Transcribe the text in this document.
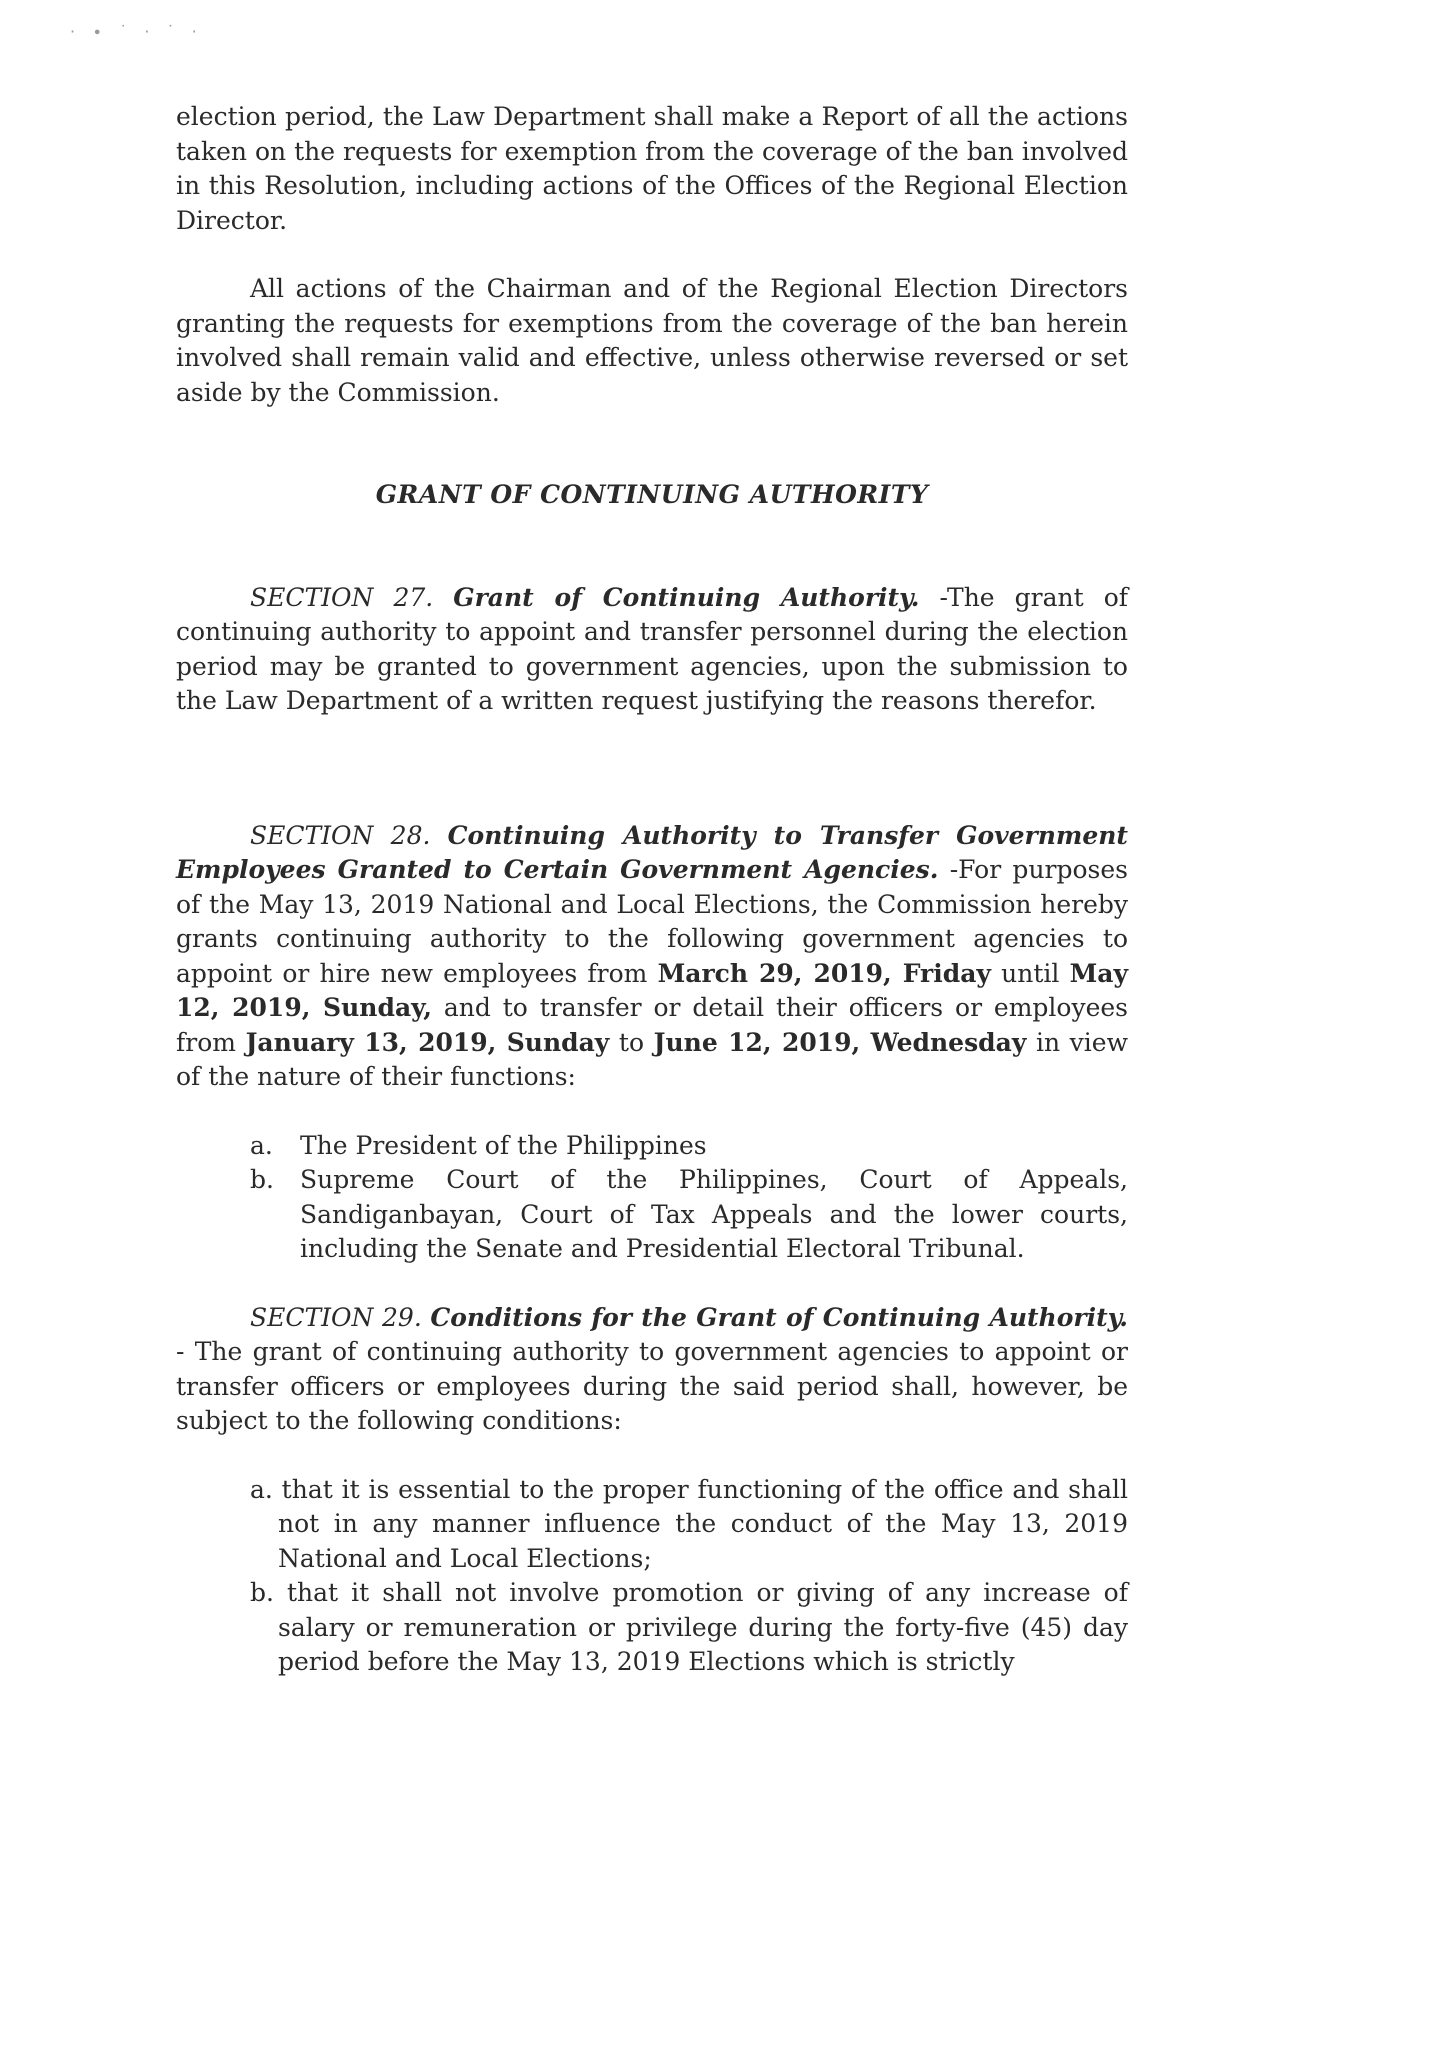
· ∙ ˙ · ˙ ·

election period, the Law Department shall make a Report of all the actions taken on the requests for exemption from the coverage of the ban involved in this Resolution, including actions of the Offices of the Regional Election Director.

All actions of the Chairman and of the Regional Election Directors granting the requests for exemptions from the coverage of the ban herein involved shall remain valid and effective, unless otherwise reversed or set aside by the Commission.

GRANT OF CONTINUING AUTHORITY

SECTION 27. Grant of Continuing Authority. -The grant of continuing authority to appoint and transfer personnel during the election period may be granted to government agencies, upon the submission to the Law Department of a written request justifying the reasons therefor.

SECTION 28. Continuing Authority to Transfer Government Employees Granted to Certain Government Agencies. -For purposes of the May 13, 2019 National and Local Elections, the Commission hereby grants continuing authority to the following government agencies to appoint or hire new employees from March 29, 2019, Friday until May 12, 2019, Sunday, and to transfer or detail their officers or employees from January 13, 2019, Sunday to June 12, 2019, Wednesday in view of the nature of their functions:

a.	The President of the Philippines
b.	Supreme Court of the Philippines, Court of Appeals, Sandiganbayan, Court of Tax Appeals and the lower courts, including the Senate and Presidential Electoral Tribunal.

SECTION 29. Conditions for the Grant of Continuing Authority. - The grant of continuing authority to government agencies to appoint or transfer officers or employees during the said period shall, however, be subject to the following conditions:

a. that it is essential to the proper functioning of the office and shall not in any manner influence the conduct of the May 13, 2019 National and Local Elections;
b. that it shall not involve promotion or giving of any increase of salary or remuneration or privilege during the forty-five (45) day period before the May 13, 2019 Elections which is strictly
